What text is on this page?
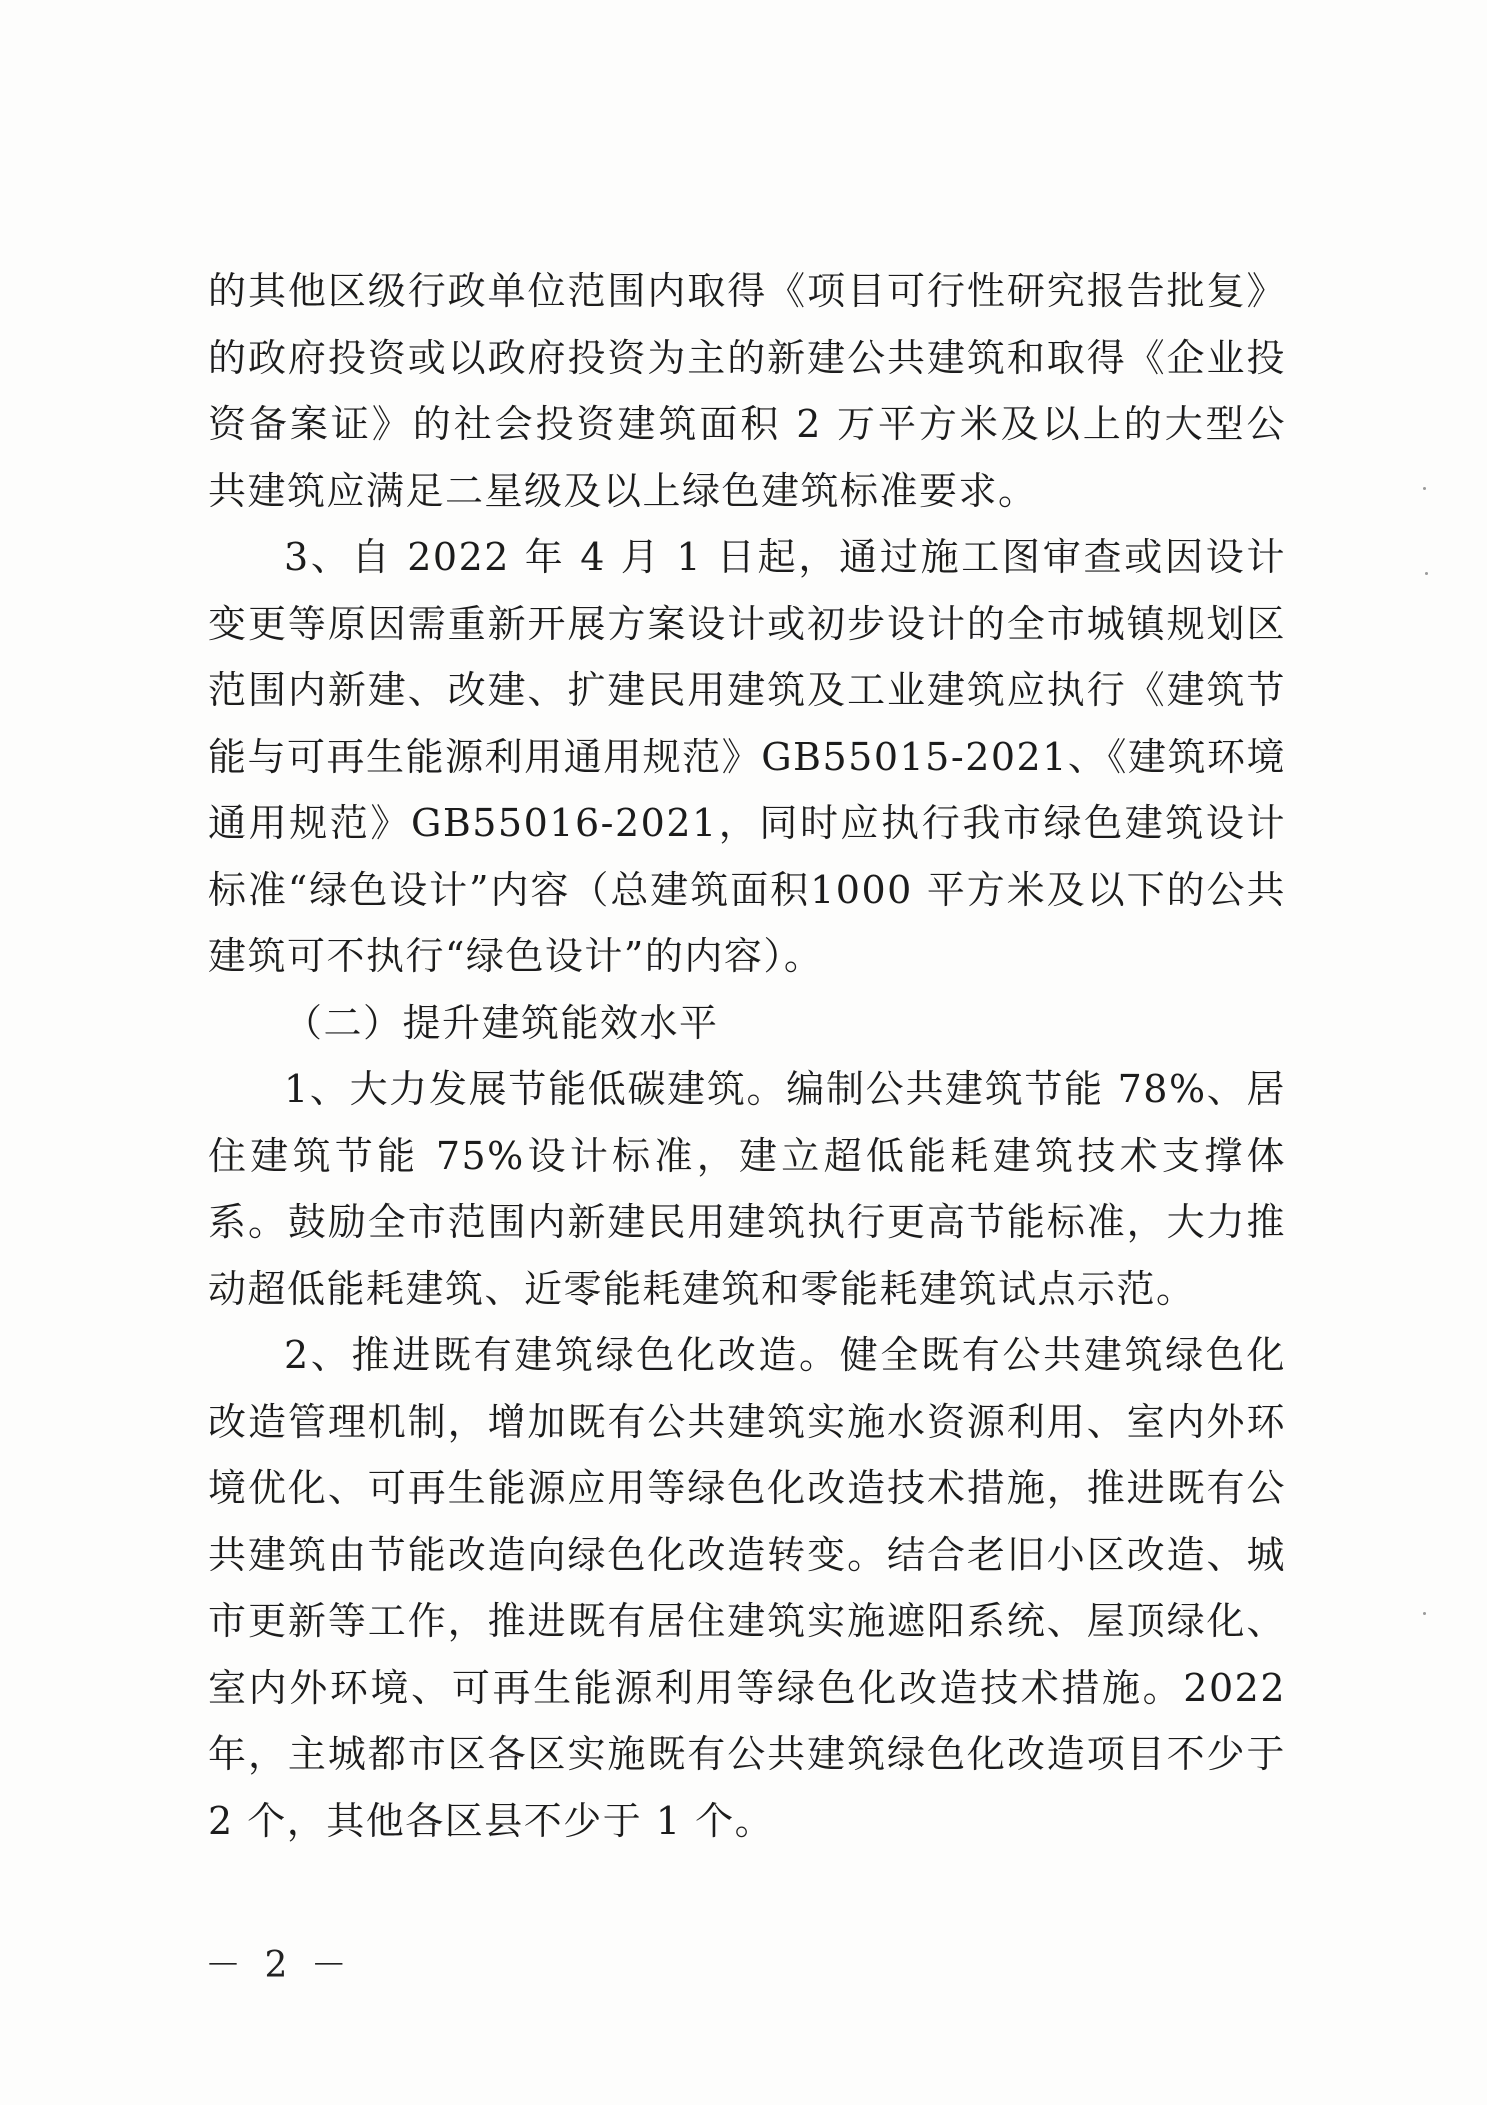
的其他区级行政单位范围内取得《项目可行性研究报告批复》的政府投资或以政府投资为主的新建公共建筑和取得《企业投资备案证》的社会投资建筑面积 2 万平方米及以上的大型公共建筑应满足二星级及以上绿色建筑标准要求。

3、自 2022 年 4 月 1 日起，通过施工图审查或因设计变更等原因需重新开展方案设计或初步设计的全市城镇规划区范围内新建、改建、扩建民用建筑及工业建筑应执行《建筑节能与可再生能源利用通用规范》GB55015-2021、《建筑环境通用规范》GB55016-2021，同时应执行我市绿色建筑设计标准“绿色设计”内容（总建筑面积1000 平方米及以下的公共建筑可不执行“绿色设计”的内容）。

（二）提升建筑能效水平

1、大力发展节能低碳建筑。编制公共建筑节能 78%、居住建筑节能 75%设计标准，建立超低能耗建筑技术支撑体系。鼓励全市范围内新建民用建筑执行更高节能标准，大力推动超低能耗建筑、近零能耗建筑和零能耗建筑试点示范。

2、推进既有建筑绿色化改造。健全既有公共建筑绿色化改造管理机制，增加既有公共建筑实施水资源利用、室内外环境优化、可再生能源应用等绿色化改造技术措施，推进既有公共建筑由节能改造向绿色化改造转变。结合老旧小区改造、城市更新等工作，推进既有居住建筑实施遮阳系统、屋顶绿化、室内外环境、可再生能源利用等绿色化改造技术措施。2022 年，主城都市区各区实施既有公共建筑绿色化改造项目不少于 2 个，其他各区县不少于 1 个。

－ 2 －
